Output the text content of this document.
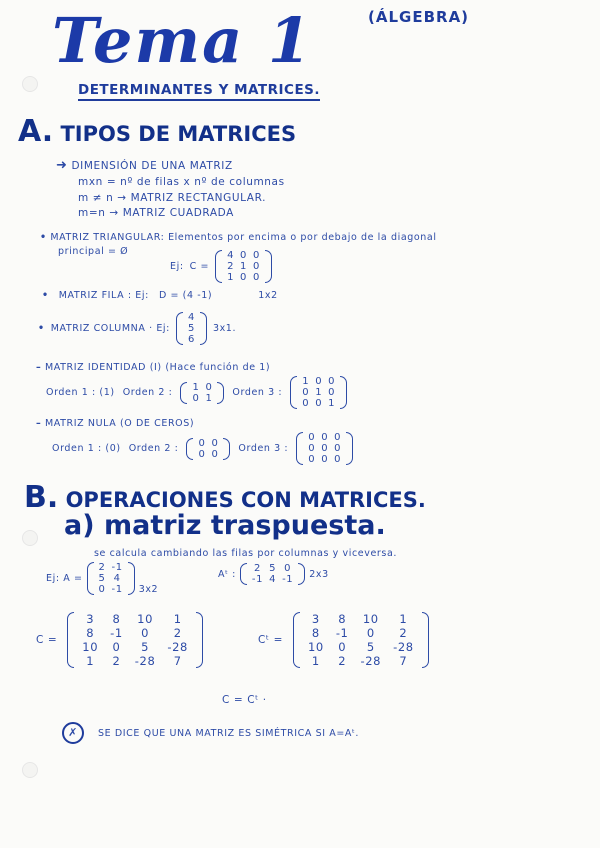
Tema 1	(ÁLGEBRA)
DETERMINANTES Y MATRICES.
A. TIPOS DE MATRICES
➜ DIMENSIÓN DE UNA MATRIZ
mxn = nº de filas x nº de columnas
m ≠ n → MATRIZ RECTANGULAR.
m=n → MATRIZ CUADRADA
• MATRIZ TRIANGULAR: Elementos por encima o por debajo de la diagonal
principal = Ø
Ej: C =
4	0	0
2	1	0
1	0	0
• MATRIZ FILA : Ej: D = (4 -1)	1x2
• MATRIZ COLUMNA · Ej:
4
5
6
3x1.
– MATRIZ IDENTIDAD (I) (Hace función de 1)
Orden 1 : (1) Orden 2 : 1	0
0	1 Orden 3 :
1	0	0
0	1	0
0	0	1
– MATRIZ NULA (O DE CEROS)
Orden 1 : (0) Orden 2 : 0	0
0	0 Orden 3 :
0	0	0
0	0	0
0	0	0
B. OPERACIONES CON MATRICES.
a) matriz traspuesta.
se calcula cambiando las filas por columnas y viceversa.
Ej: A =
2	-1
5	4
0	-1 3x2
Aᵗ : 2	5	0
-1	4	-1 2x3
C =
3	8	10	1
8	-1	0	2
10	0	5	-28
1	2	-28	7
Cᵗ =
3	8	10	1
8	-1	0	2
10	0	5	-28
1	2	-28	7
C = Cᵗ ·
✗	SE DICE QUE UNA MATRIZ ES SIMÉTRICA SI A=Aᵗ.
